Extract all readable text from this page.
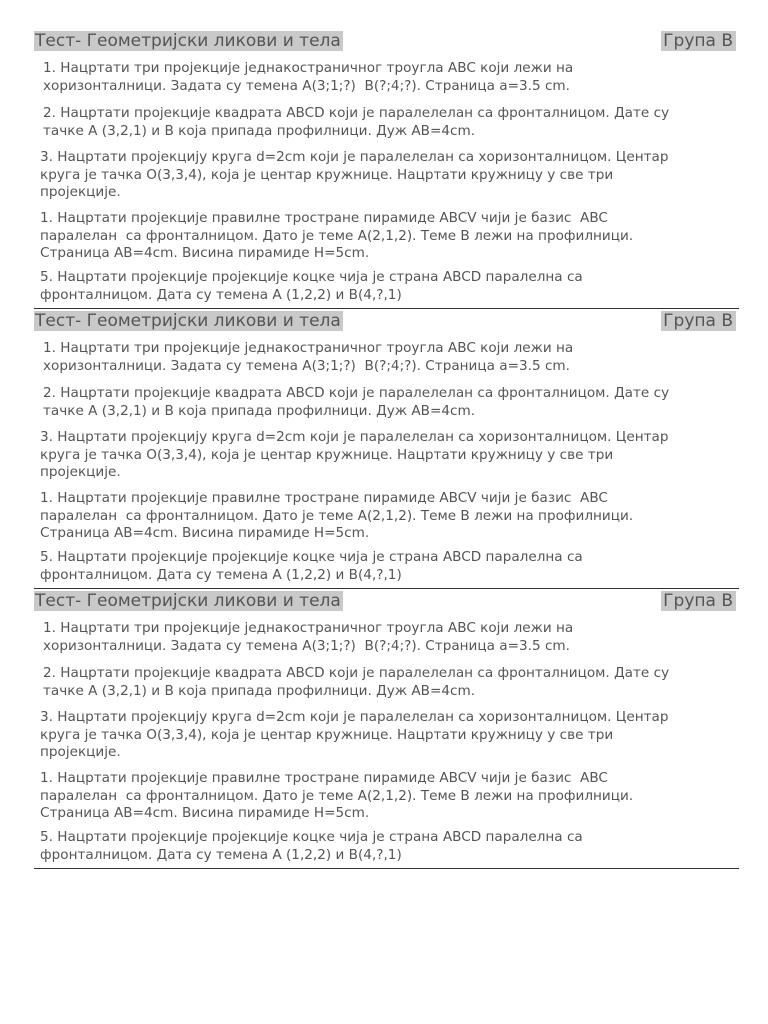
Тест- Геометријски ликови и тела	Група В
1. Нацртати три пројекције једнакостраничног троугла ABC који лежи на
хоризонталници. Задата су темена A(3;1;?)  B(?;4;?). Страница a=3.5 cm.
2. Нацртати пројекције квадрата ABCD који је паралелелан са фронталницом. Дате су
тачке A (3,2,1) и B која припада профилници. Дуж AB=4cm.
3. Нацртати пројекцију круга d=2cm који је паралелелан са хоризонталницом. Центар
круга је тачка O(3,3,4), која је центар кружнице. Нацртати кружницу у све три
пројекције.
1. Нацртати пројекције правилне тростране пирамиде ABCV чији је базис  ABC
паралелан  са фронталницом. Дато је теме A(2,1,2). Теме B лежи на профилници.
Страница AB=4cm. Висина пирамиде H=5cm.
5. Нацртати пројекције пројекције коцке чија је страна ABCD паралелна са
фронталницом. Дата су темена A (1,2,2) и B(4,?,1)
Тест- Геометријски ликови и тела	Група В
1. Нацртати три пројекције једнакостраничног троугла ABC који лежи на
хоризонталници. Задата су темена A(3;1;?)  B(?;4;?). Страница a=3.5 cm.
2. Нацртати пројекције квадрата ABCD који је паралелелан са фронталницом. Дате су
тачке A (3,2,1) и B која припада профилници. Дуж AB=4cm.
3. Нацртати пројекцију круга d=2cm који је паралелелан са хоризонталницом. Центар
круга је тачка O(3,3,4), која је центар кружнице. Нацртати кружницу у све три
пројекције.
1. Нацртати пројекције правилне тростране пирамиде ABCV чији је базис  ABC
паралелан  са фронталницом. Дато је теме A(2,1,2). Теме B лежи на профилници.
Страница AB=4cm. Висина пирамиде H=5cm.
5. Нацртати пројекције пројекције коцке чија је страна ABCD паралелна са
фронталницом. Дата су темена A (1,2,2) и B(4,?,1)
Тест- Геометријски ликови и тела	Група В
1. Нацртати три пројекције једнакостраничног троугла ABC који лежи на
хоризонталници. Задата су темена A(3;1;?)  B(?;4;?). Страница a=3.5 cm.
2. Нацртати пројекције квадрата ABCD који је паралелелан са фронталницом. Дате су
тачке A (3,2,1) и B која припада профилници. Дуж AB=4cm.
3. Нацртати пројекцију круга d=2cm који је паралелелан са хоризонталницом. Центар
круга је тачка O(3,3,4), која је центар кружнице. Нацртати кружницу у све три
пројекције.
1. Нацртати пројекције правилне тростране пирамиде ABCV чији је базис  ABC
паралелан  са фронталницом. Дато је теме A(2,1,2). Теме B лежи на профилници.
Страница AB=4cm. Висина пирамиде H=5cm.
5. Нацртати пројекције пројекције коцке чија је страна ABCD паралелна са
фронталницом. Дата су темена A (1,2,2) и B(4,?,1)
